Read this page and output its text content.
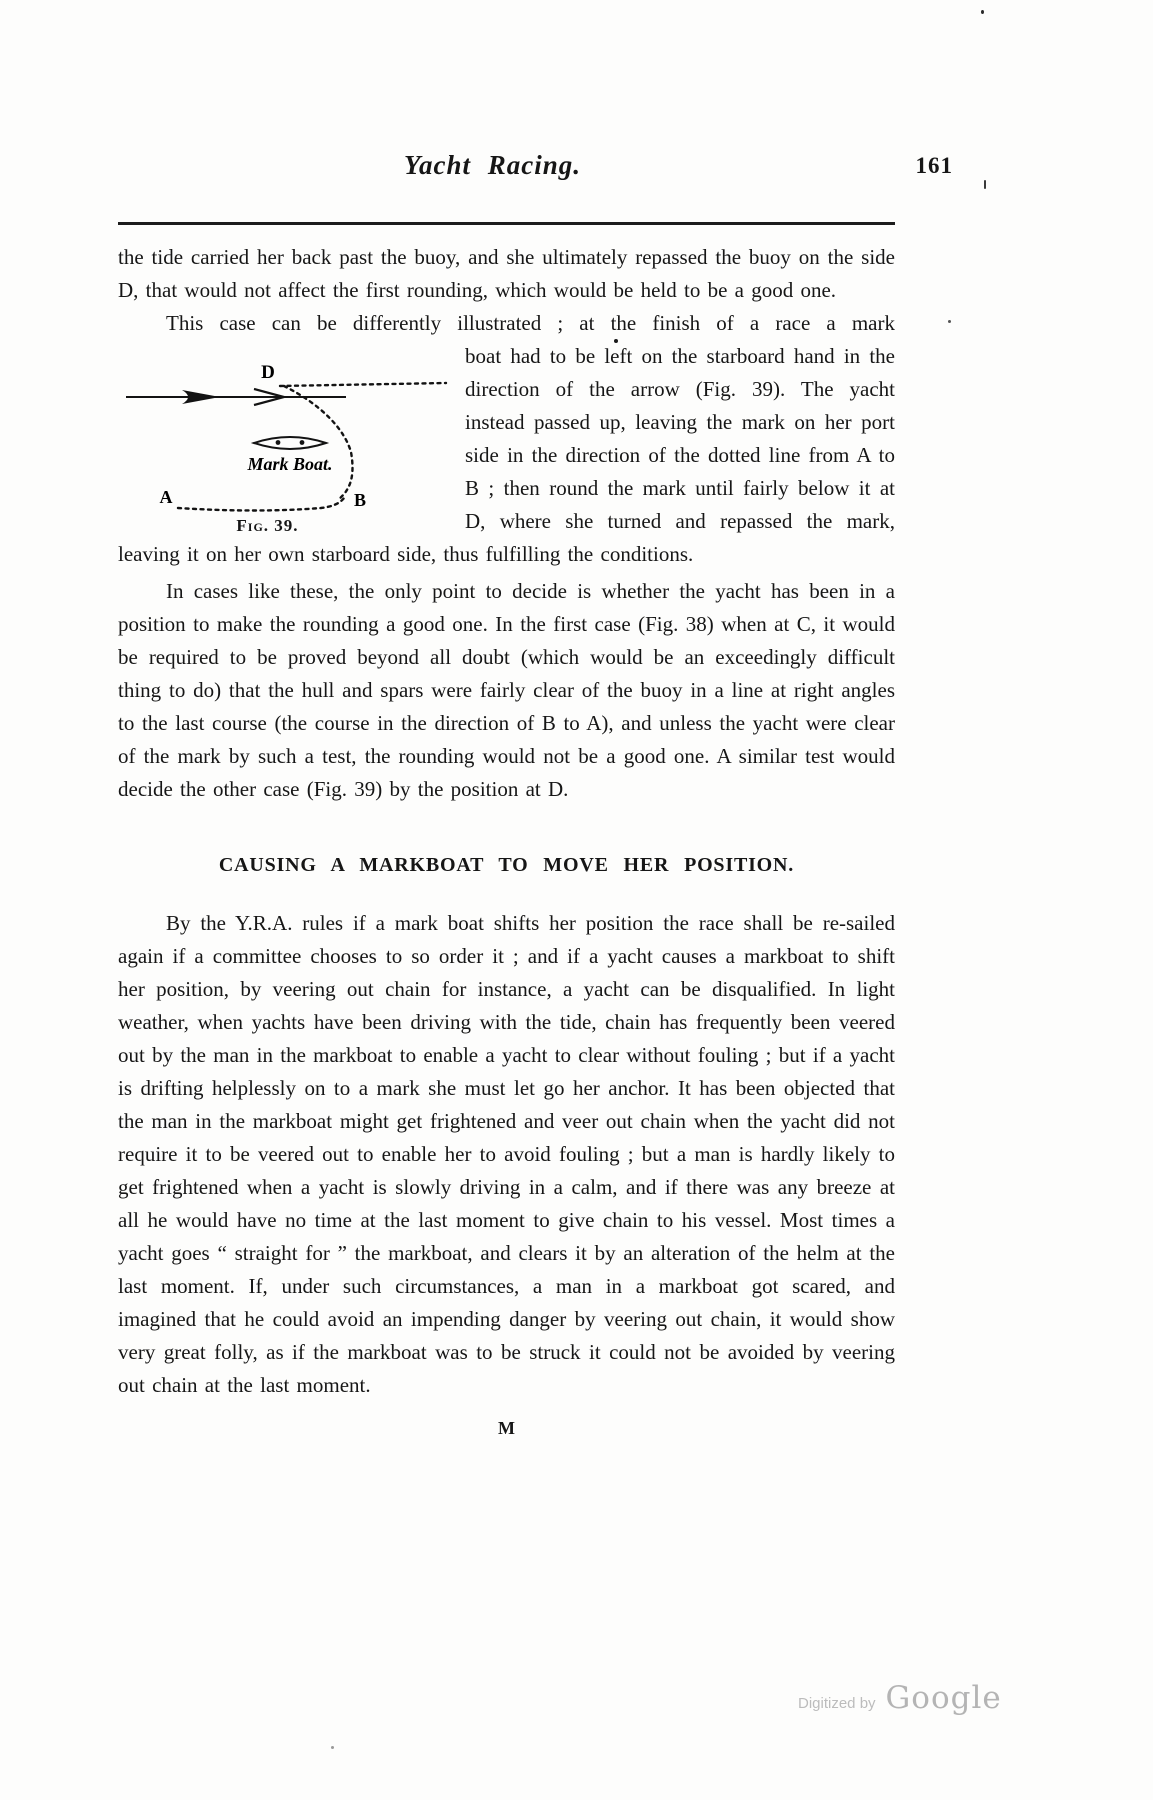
Yacht Racing.	161

the tide carried her back past the buoy, and she ultimately repassed the buoy on the side D, that would not affect the first rounding, which would be held to be a good one.

This case can be differently illustrated ; at the finish of a race a mark

D
Mark Boat.
A	B
Fig. 39.

boat had to be left on the starboard hand in the direction of the arrow (Fig. 39). The yacht instead passed up, leaving the mark on her port side in the direction of the dotted line from A to B ; then round the mark until fairly below it at D, where she turned and repassed the mark, leaving it on her own starboard side, thus fulfilling the conditions.

In cases like these, the only point to decide is whether the yacht has been in a position to make the rounding a good one. In the first case (Fig. 38) when at C, it would be required to be proved beyond all doubt (which would be an exceedingly difficult thing to do) that the hull and spars were fairly clear of the buoy in a line at right angles to the last course (the course in the direction of B to A), and unless the yacht were clear of the mark by such a test, the rounding would not be a good one. A similar test would decide the other case (Fig. 39) by the position at D.

CAUSING A MARKBOAT TO MOVE HER POSITION.

By the Y.R.A. rules if a mark boat shifts her position the race shall be re-sailed again if a committee chooses to so order it ; and if a yacht causes a markboat to shift her position, by veering out chain for instance, a yacht can be disqualified. In light weather, when yachts have been driving with the tide, chain has frequently been veered out by the man in the markboat to enable a yacht to clear without fouling ; but if a yacht is drifting helplessly on to a mark she must let go her anchor. It has been objected that the man in the markboat might get frightened and veer out chain when the yacht did not require it to be veered out to enable her to avoid fouling ; but a man is hardly likely to get frightened when a yacht is slowly driving in a calm, and if there was any breeze at all he would have no time at the last moment to give chain to his vessel. Most times a yacht goes “ straight for ” the markboat, and clears it by an alteration of the helm at the last moment. If, under such circumstances, a man in a markboat got scared, and imagined that he could avoid an impending danger by veering out chain, it would show very great folly, as if the markboat was to be struck it could not be avoided by veering out chain at the last moment.

M
Digitized by Google
